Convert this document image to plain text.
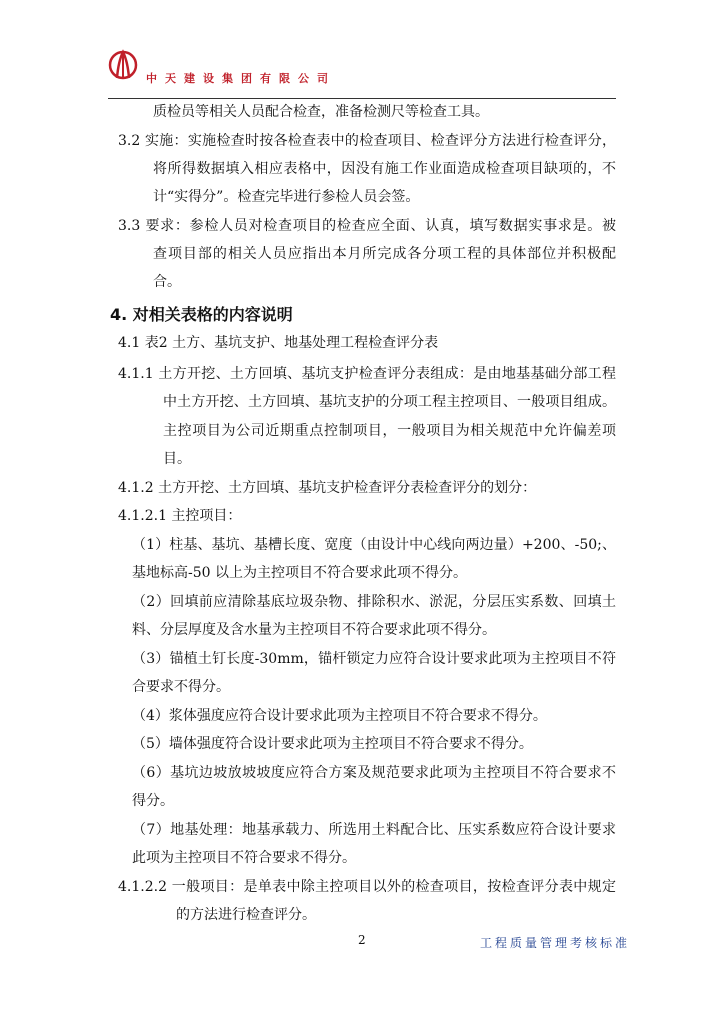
中天建设集团有限公司
质检员等相关人员配合检查，准备检测尺等检查工具。
3.2 实施：实施检查时按各检查表中的检查项目、检查评分方法进行检查评分，
将所得数据填入相应表格中，因没有施工作业面造成检查项目缺项的，不
计“实得分”。检查完毕进行参检人员会签。
3.3 要求：参检人员对检查项目的检查应全面、认真，填写数据实事求是。被
查项目部的相关人员应指出本月所完成各分项工程的具体部位并积极配
合。
4. 对相关表格的内容说明
4.1 表2 土方、基坑支护、地基处理工程检查评分表
4.1.1 土方开挖、土方回填、基坑支护检查评分表组成：是由地基基础分部工程
中土方开挖、土方回填、基坑支护的分项工程主控项目、一般项目组成。
主控项目为公司近期重点控制项目，一般项目为相关规范中允许偏差项
目。
4.1.2 土方开挖、土方回填、基坑支护检查评分表检查评分的划分：
4.1.2.1 主控项目：
（1）柱基、基坑、基槽长度、宽度（由设计中心线向两边量）+200、-50;、
基地标高-50 以上为主控项目不符合要求此项不得分。
（2）回填前应清除基底垃圾杂物、排除积水、淤泥，分层压实系数、回填土
料、分层厚度及含水量为主控项目不符合要求此项不得分。
（3）锚植土钉长度-30mm，锚杆锁定力应符合设计要求此项为主控项目不符
合要求不得分。
（4）浆体强度应符合设计要求此项为主控项目不符合要求不得分。
（5）墙体强度符合设计要求此项为主控项目不符合要求不得分。
（6）基坑边坡放坡坡度应符合方案及规范要求此项为主控项目不符合要求不
得分。
（7）地基处理：地基承载力、所选用土料配合比、压实系数应符合设计要求
此项为主控项目不符合要求不得分。
4.1.2.2 一般项目：是单表中除主控项目以外的检查项目，按检查评分表中规定
的方法进行检查评分。
2	工程质量管理考核标准
